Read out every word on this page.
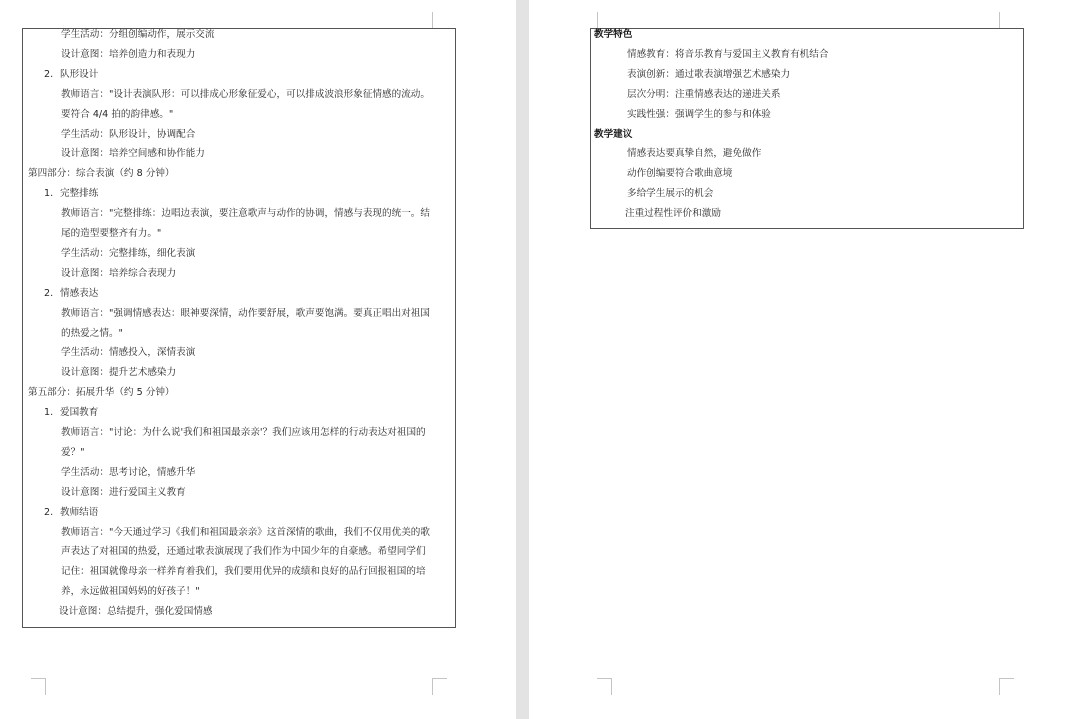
学生活动：分组创编动作，展示交流
设计意图：培养创造力和表现力
2. 队形设计
教师语言："设计表演队形：可以排成心形象征爱心，可以排成波浪形象征情感的流动。
要符合 4/4 拍的韵律感。"
学生活动：队形设计，协调配合
设计意图：培养空间感和协作能力
第四部分：综合表演（约 8 分钟）
1. 完整排练
教师语言："完整排练：边唱边表演，要注意歌声与动作的协调，情感与表现的统一。结
尾的造型要整齐有力。"
学生活动：完整排练，细化表演
设计意图：培养综合表现力
2. 情感表达
教师语言："强调情感表达：眼神要深情，动作要舒展，歌声要饱满。要真正唱出对祖国
的热爱之情。"
学生活动：情感投入，深情表演
设计意图：提升艺术感染力
第五部分：拓展升华（约 5 分钟）
1. 爱国教育
教师语言："讨论：为什么说'我们和祖国最亲亲'？我们应该用怎样的行动表达对祖国的
爱？"
学生活动：思考讨论，情感升华
设计意图：进行爱国主义教育
2. 教师结语
教师语言："今天通过学习《我们和祖国最亲亲》这首深情的歌曲，我们不仅用优美的歌
声表达了对祖国的热爱，还通过歌表演展现了我们作为中国少年的自豪感。希望同学们
记住：祖国就像母亲一样养育着我们，我们要用优异的成绩和良好的品行回报祖国的培
养，永远做祖国妈妈的好孩子！"
设计意图：总结提升，强化爱国情感
教学特色
情感教育：将音乐教育与爱国主义教育有机结合
表演创新：通过歌表演增强艺术感染力
层次分明：注重情感表达的递进关系
实践性强：强调学生的参与和体验
教学建议
情感表达要真挚自然，避免做作
动作创编要符合歌曲意境
多给学生展示的机会
注重过程性评价和激励
